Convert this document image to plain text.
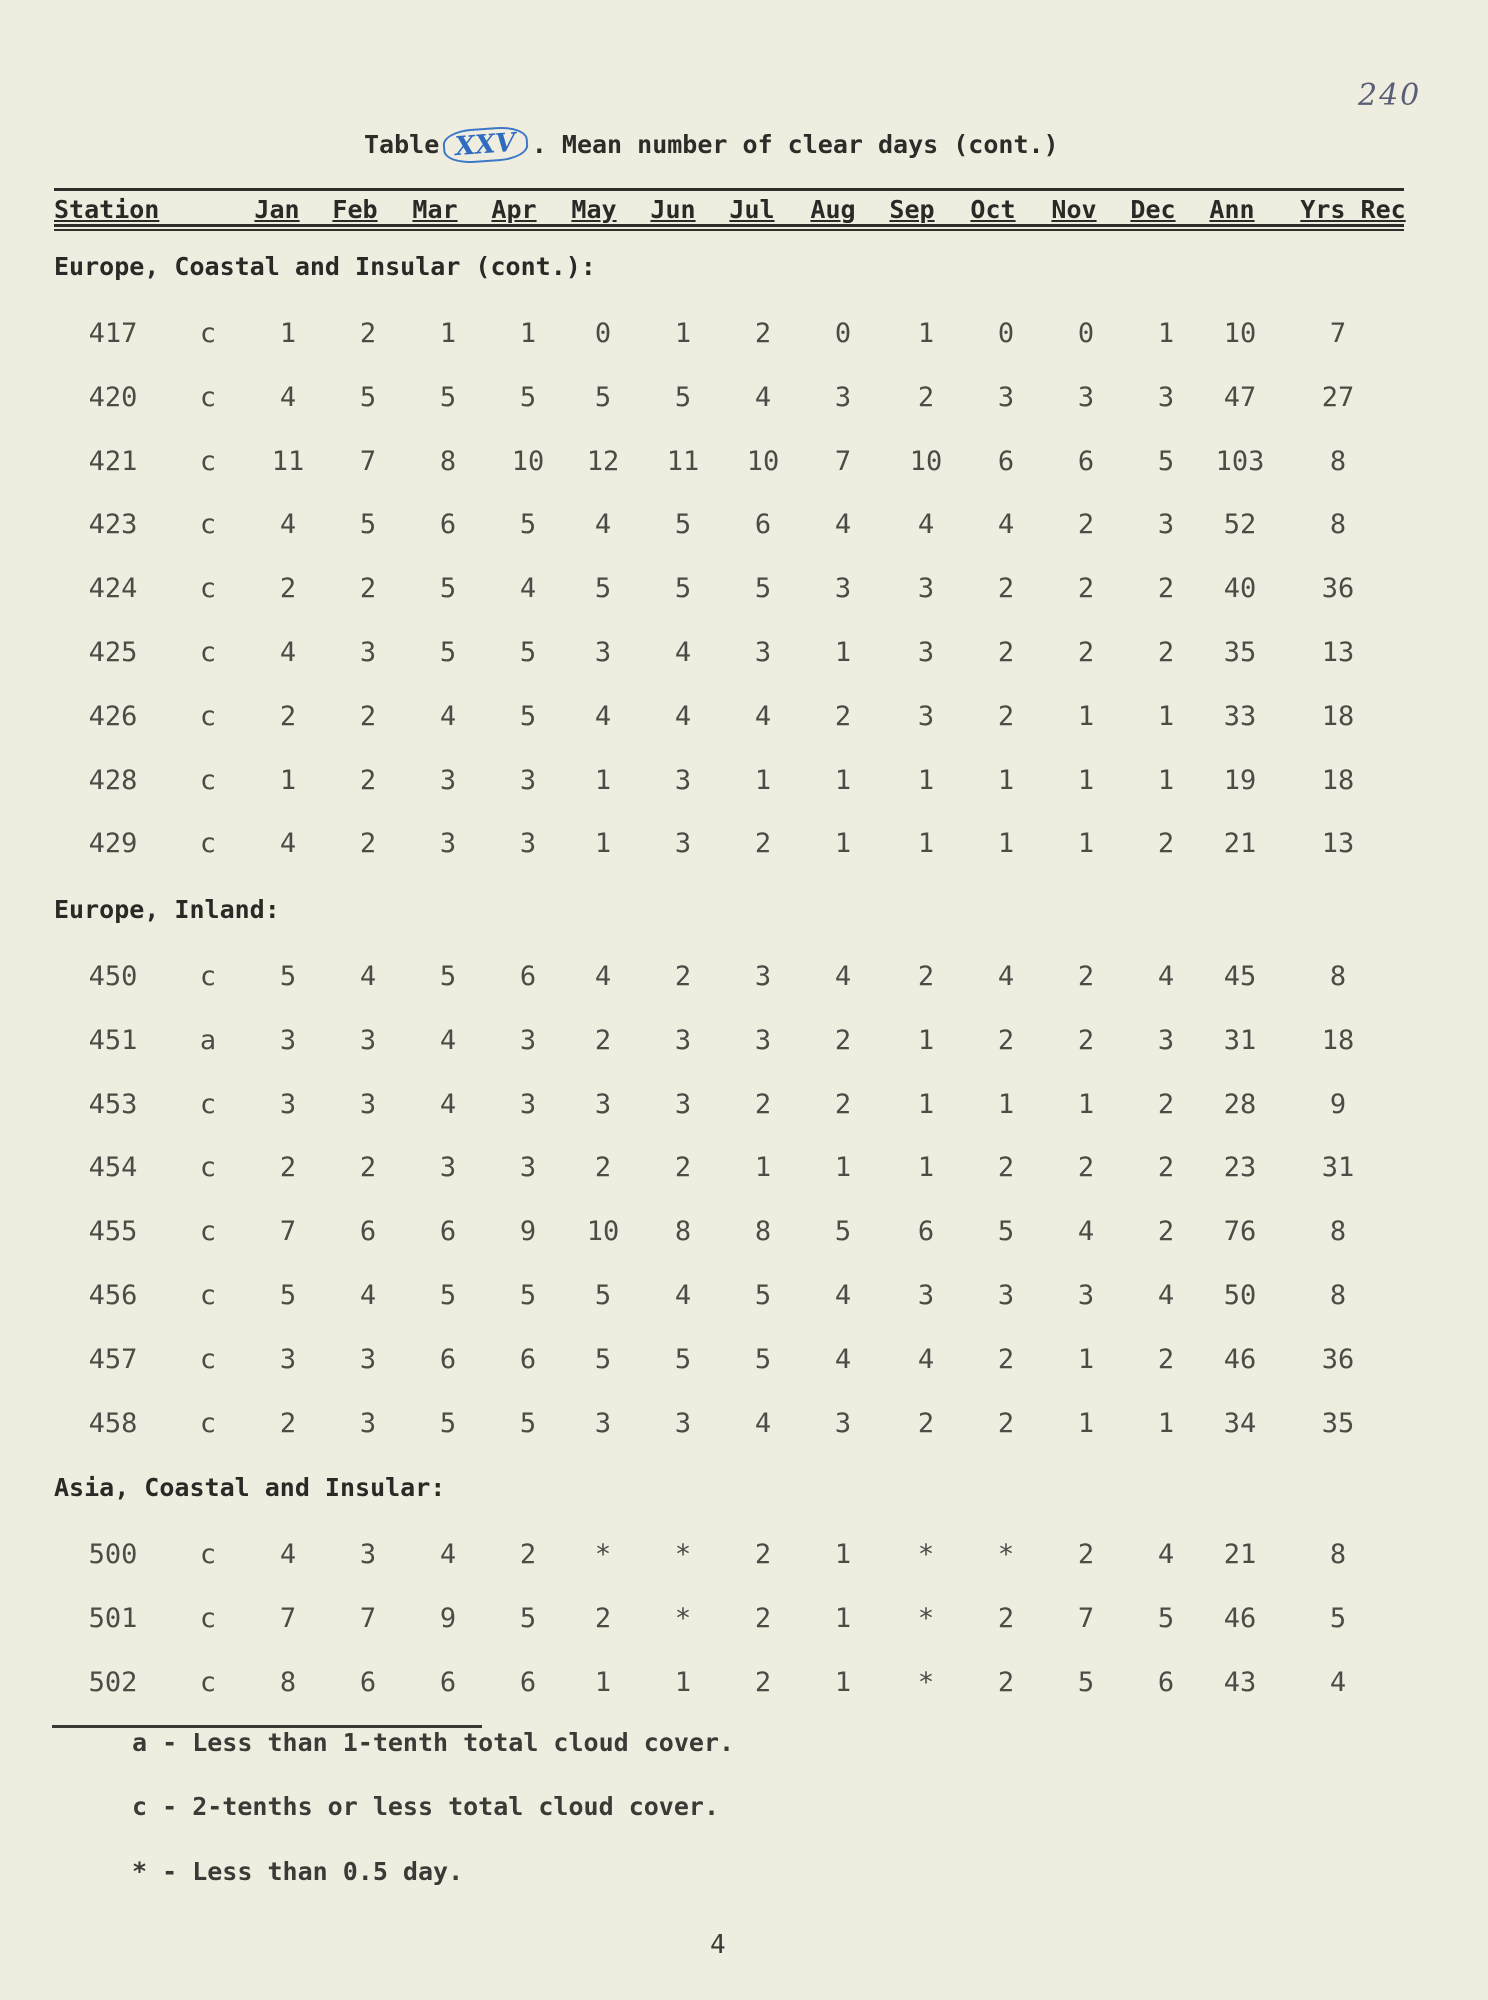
240
Table XXV . Mean number of clear days (cont.)
Station	Jan Feb Mar Apr May Jun Jul Aug Sep Oct Nov Dec Ann Yrs Rec
Europe, Coastal and Insular (cont.):
417 c 1 2 1 1 0 1 2 0 1 0 0 1 10	7
420 c 4 5 5 5 5 5 4 3 2 3 3 3 47 27
421 c 11 7 8 10 12 11 10 7 10 6 6 5 103 8
423 c 4 5 6 5 4 5 6 4 4 4 2 3 52	8
424 c 2 2 5 4 5 5 5 3 3 2 2 2 40 36
425 c 4 3 5 5 3 4 3 1 3 2 2 2 35 13
426 c 2 2 4 5 4 4 4 2 3 2 1 1 33 18
428 c 1 2 3 3 1 3 1 1 1 1 1 1 19 18
429 c 4 2 3 3 1 3 2 1 1 1 1 2 21 13
Europe, Inland:
450 c 5 4 5 6 4 2 3 4 2 4 2 4 45	8
451 a 3 3 4 3 2 3 3 2 1 2 2 3 31 18
453 c 3 3 4 3 3 3 2 2 1 1 1 2 28	9
454 c 2 2 3 3 2 2 1 1 1 2 2 2 23 31
455 c 7 6 6 9 10 8 8 5 6 5 4 2 76	8
456 c 5 4 5 5 5 4 5 4 3 3 3 4 50	8
457 c 3 3 6 6 5 5 5 4 4 2 1 2 46 36
458 c 2 3 5 5 3 3 4 3 2 2 1 1 34 35
Asia, Coastal and Insular:
500 c 4 3 4 2 * * 2 1 * * 2 4 21	8
501 c 7 7 9 5 2 * 2 1 * 2 7 5 46	5
502 c 8 6 6 6 1 1 2 1 * 2 5 6 43	4
a - Less than 1-tenth total cloud cover.
c - 2-tenths or less total cloud cover.
* - Less than 0.5 day.
4
